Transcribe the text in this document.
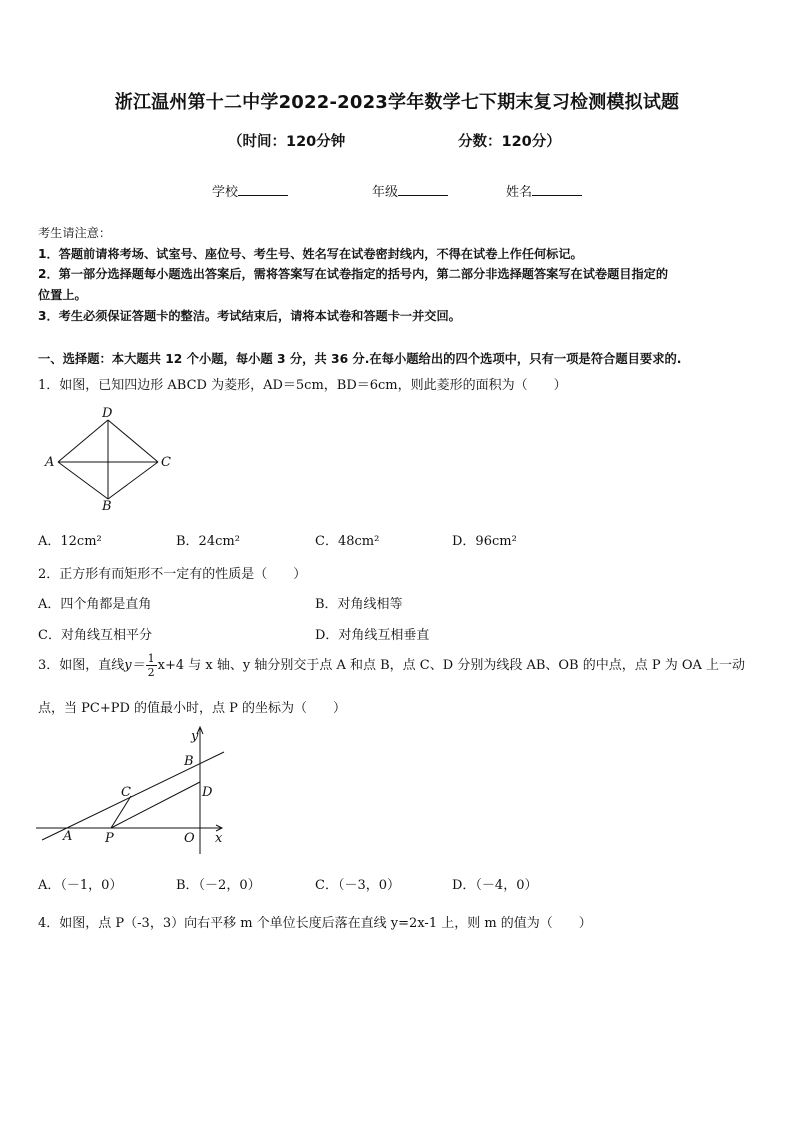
浙江温州第十二中学2022-2023学年数学七下期末复习检测模拟试题
（时间：120分钟	分数：120分）
学校	年级	姓名
考生请注意：
1．答题前请将考场、试室号、座位号、考生号、姓名写在试卷密封线内，不得在试卷上作任何标记。
2．第一部分选择题每小题选出答案后，需将答案写在试卷指定的括号内，第二部分非选择题答案写在试卷题目指定的
位置上。
3．考生必须保证答题卡的整洁。考试结束后，请将本试卷和答题卡一并交回。
一、选择题：本大题共 12 个小题，每小题 3 分，共 36 分.在每小题给出的四个选项中，只有一项是符合题目要求的.
1．如图，已知四边形 ABCD 为菱形，AD＝5cm，BD＝6cm，则此菱形的面积为（　　）
D
A	C
B
A．12cm²	B．24cm²	C．48cm²	D．96cm²
2．正方形有而矩形不一定有的性质是（　　）
A．四个角都是直角	B．对角线相等
C．对角线互相平分	D．对角线互相垂直
3．如图，直线$y= \frac{1}{2} x+4$ 与 x 轴、y 轴分别交于点 A 和点 B，点 C、D 分别为线段 AB、OB 的中点，点 P 为 OA 上一动
点，当 PC+PD 的值最小时，点 P 的坐标为（　　）
y
x
B
D
C
A	P	O
A．（－1，0）	B．（－2，0）	C．（－3，0）	D．（－4，0）
4．如图，点 P（-3，3）向右平移 m 个单位长度后落在直线 y=2x-1 上，则 m 的值为（　　）
